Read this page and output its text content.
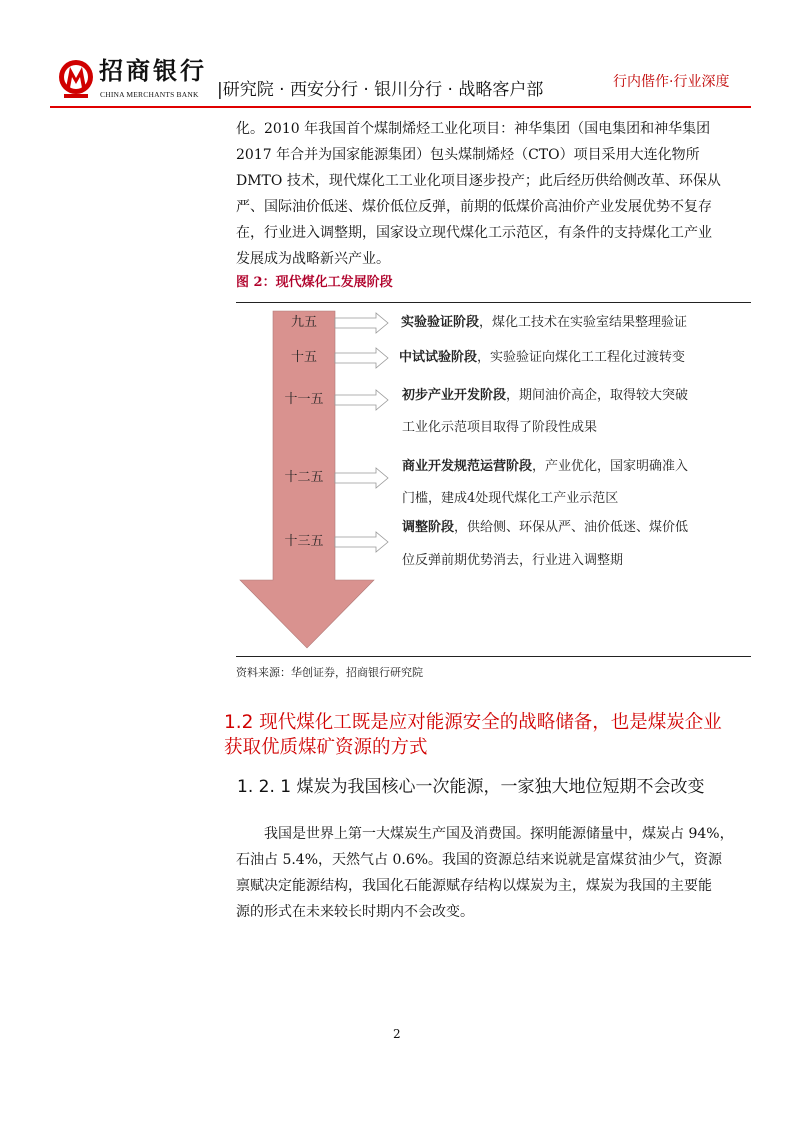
招商银行
CHINA MERCHANTS BANK |研究院 · 西安分行 · 银川分行 · 战略客户部	行内偕作·行业深度
化。2010 年我国首个煤制烯烃工业化项目：神华集团（国电集团和神华集团
2017 年合并为国家能源集团）包头煤制烯烃（CTO）项目采用大连化物所
DMTO 技术，现代煤化工工业化项目逐步投产；此后经历供给侧改革、环保从
严、国际油价低迷、煤价低位反弹，前期的低煤价高油价产业发展优势不复存
在，行业进入调整期，国家设立现代煤化工示范区，有条件的支持煤化工产业
发展成为战略新兴产业。
图 2：现代煤化工发展阶段
九五
十五
十一五
十二五
十三五
实验验证阶段，煤化工技术在实验室结果整理验证
中试试验阶段，实验验证向煤化工工程化过渡转变
初步产业开发阶段，期间油价高企，取得较大突破
工业化示范项目取得了阶段性成果
商业开发规范运营阶段，产业优化，国家明确准入
门槛，建成4处现代煤化工产业示范区
调整阶段，供给侧、环保从严、油价低迷、煤价低
位反弹前期优势消去，行业进入调整期
资料来源：华创证券，招商银行研究院
1.2 现代煤化工既是应对能源安全的战略储备，也是煤炭企业
获取优质煤矿资源的方式
1. 2. 1 煤炭为我国核心一次能源，一家独大地位短期不会改变
　　我国是世界上第一大煤炭生产国及消费国。探明能源储量中，煤炭占 94%，
石油占 5.4%，天然气占 0.6%。我国的资源总结来说就是富煤贫油少气，资源
禀赋决定能源结构，我国化石能源赋存结构以煤炭为主，煤炭为我国的主要能
源的形式在未来较长时期内不会改变。
2
